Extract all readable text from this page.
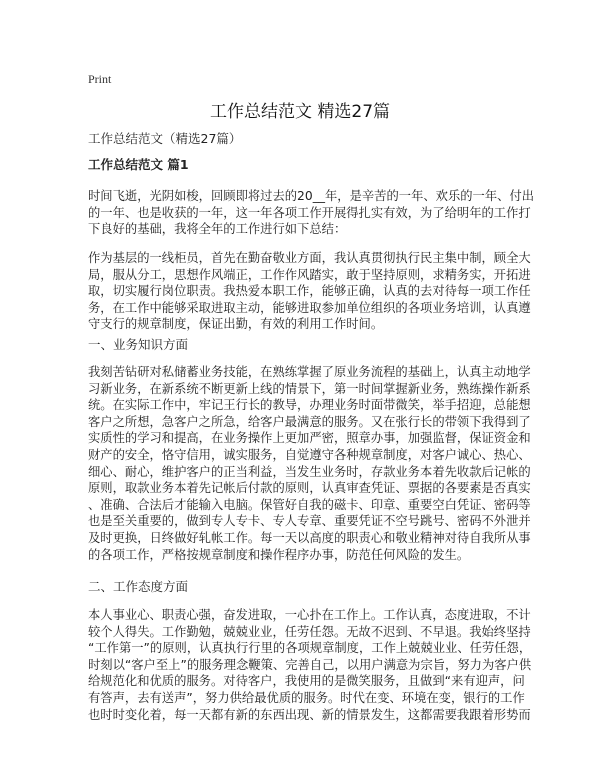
Print
工作总结范文 精选27篇
工作总结范文（精选27篇）
工作总结范文 篇1
时间飞逝，光阴如梭，回顾即将过去的20__年，是辛苦的一年、欢乐的一年、付出
的一年、也是收获的一年，这一年各项工作开展得扎实有效，为了给明年的工作打
下良好的基础，我将全年的工作进行如下总结：
作为基层的一线柜员，首先在勤奋敬业方面，我认真贯彻执行民主集中制，顾全大
局，服从分工，思想作风端正，工作作风踏实，敢于坚持原则，求精务实，开拓进
取，切实履行岗位职责。我热爱本职工作，能够正确，认真的去对待每一项工作任
务，在工作中能够采取进取主动，能够进取参加单位组织的各项业务培训，认真遵
守支行的规章制度，保证出勤，有效的利用工作时间。
一、业务知识方面
我刻苦钻研对私储蓄业务技能，在熟练掌握了原业务流程的基础上，认真主动地学
习新业务，在新系统不断更新上线的情景下，第一时间掌握新业务，熟练操作新系
统。在实际工作中，牢记王行长的教导，办理业务时面带微笑，举手招迎，总能想
客户之所想，急客户之所急，给客户最满意的服务。又在张行长的带领下我得到了
实质性的学习和提高，在业务操作上更加严密，照章办事，加强监督，保证资金和
财产的安全，恪守信用，诚实服务，自觉遵守各种规章制度，对客户诚心、热心、
细心、耐心，维护客户的正当利益，当发生业务时，存款业务本着先收款后记帐的
原则，取款业务本着先记帐后付款的原则，认真审查凭证、票据的各要素是否真实
、准确、合法后才能输入电脑。保管好自我的磁卡、印章、重要空白凭证、密码等
也是至关重要的，做到专人专卡、专人专章、重要凭证不空号跳号、密码不外泄并
及时更换，日终做好轧帐工作。每一天以高度的职责心和敬业精神对待自我所从事
的各项工作，严格按规章制度和操作程序办事，防范任何风险的发生。
二、工作态度方面
本人事业心、职责心强，奋发进取，一心扑在工作上。工作认真，态度进取，不计
较个人得失。工作勤勉，兢兢业业，任劳任怨。无故不迟到、不早退。我始终坚持
“工作第一”的原则，认真执行行里的各项规章制度，工作上兢兢业业、任劳任怨，
时刻以“客户至上”的服务理念鞭策、完善自己，以用户满意为宗旨，努力为客户供
给规范化和优质的服务。对待客户，我使用的是微笑服务，且做到“来有迎声，问
有答声，去有送声”，努力供给最优质的服务。时代在变、环境在变，银行的工作
也时时变化着，每一天都有新的东西出现、新的情景发生，这都需要我跟着形势而
